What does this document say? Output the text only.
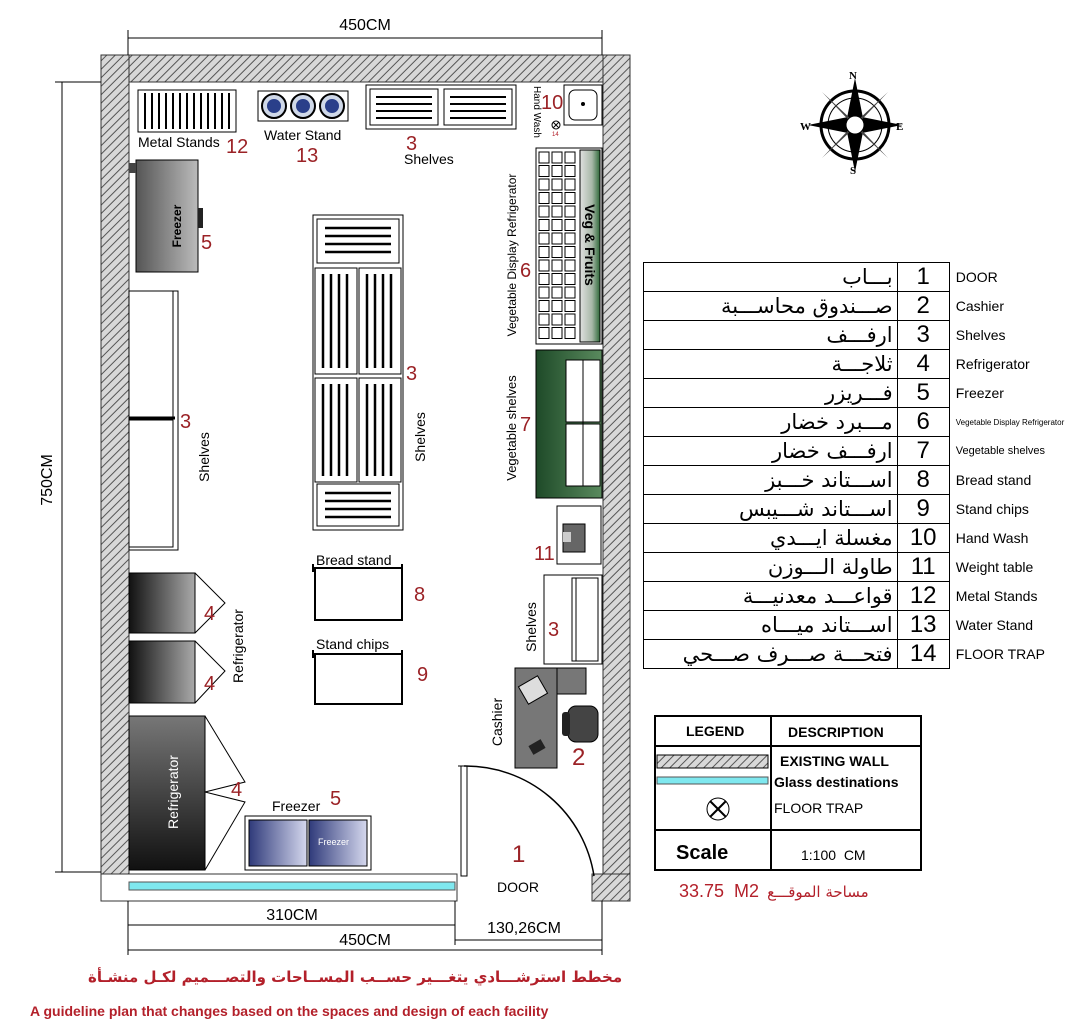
450CM
750CM
310CM
130,26CM
450CM
Metal Stands 12
Water Stand
13
3
Shelves
10
Hand Wash 14
Vegetable Display Refrigerator	Veg & Fruits
6
Freezer 5
3
Shelves
3
Shelves	Vegetable shelves 7
11
Bread stand
8
Stand chips
9
4
4
Refrigerator	Shelves 3
Refrigerator	4
Cashier
2
Freezer 5
Freezer	1
DOOR
N
S
E
W
بـــاب	1	DOOR
صـــندوق محاســـبة	2	Cashier
ارفـــف	3	Shelves
ثلاجـــة	4	Refrigerator
فـــريزر	5	Freezer
مـــبرد خضار	6	Vegetable Display Refrigerator
ارفـــف خضار	7	Vegetable shelves
اســـتاند خـــبز	8	Bread stand
اســـتاند شـــيبس	9	Stand chips
مغسلة ايـــدي	10	Hand Wash
طاولة الـــوزن	11	Weight table
قواعـــد معدنيـــة	12	Metal Stands
اســـتاند ميـــاه	13	Water Stand
فتحـــة صـــرف صـــحي	14	FLOOR TRAP
LEGEND	DESCRIPTION
EXISTING WALL
Glass destinations
FLOOR TRAP
Scale	1:100  CM
33.75  M2 مساحة الموقـــع
مخطط استرشـــادي يتغـــير حســب المســاحات والتصـــميم لكـل منشـأة
A guideline plan that changes based on the spaces and design of each facility
